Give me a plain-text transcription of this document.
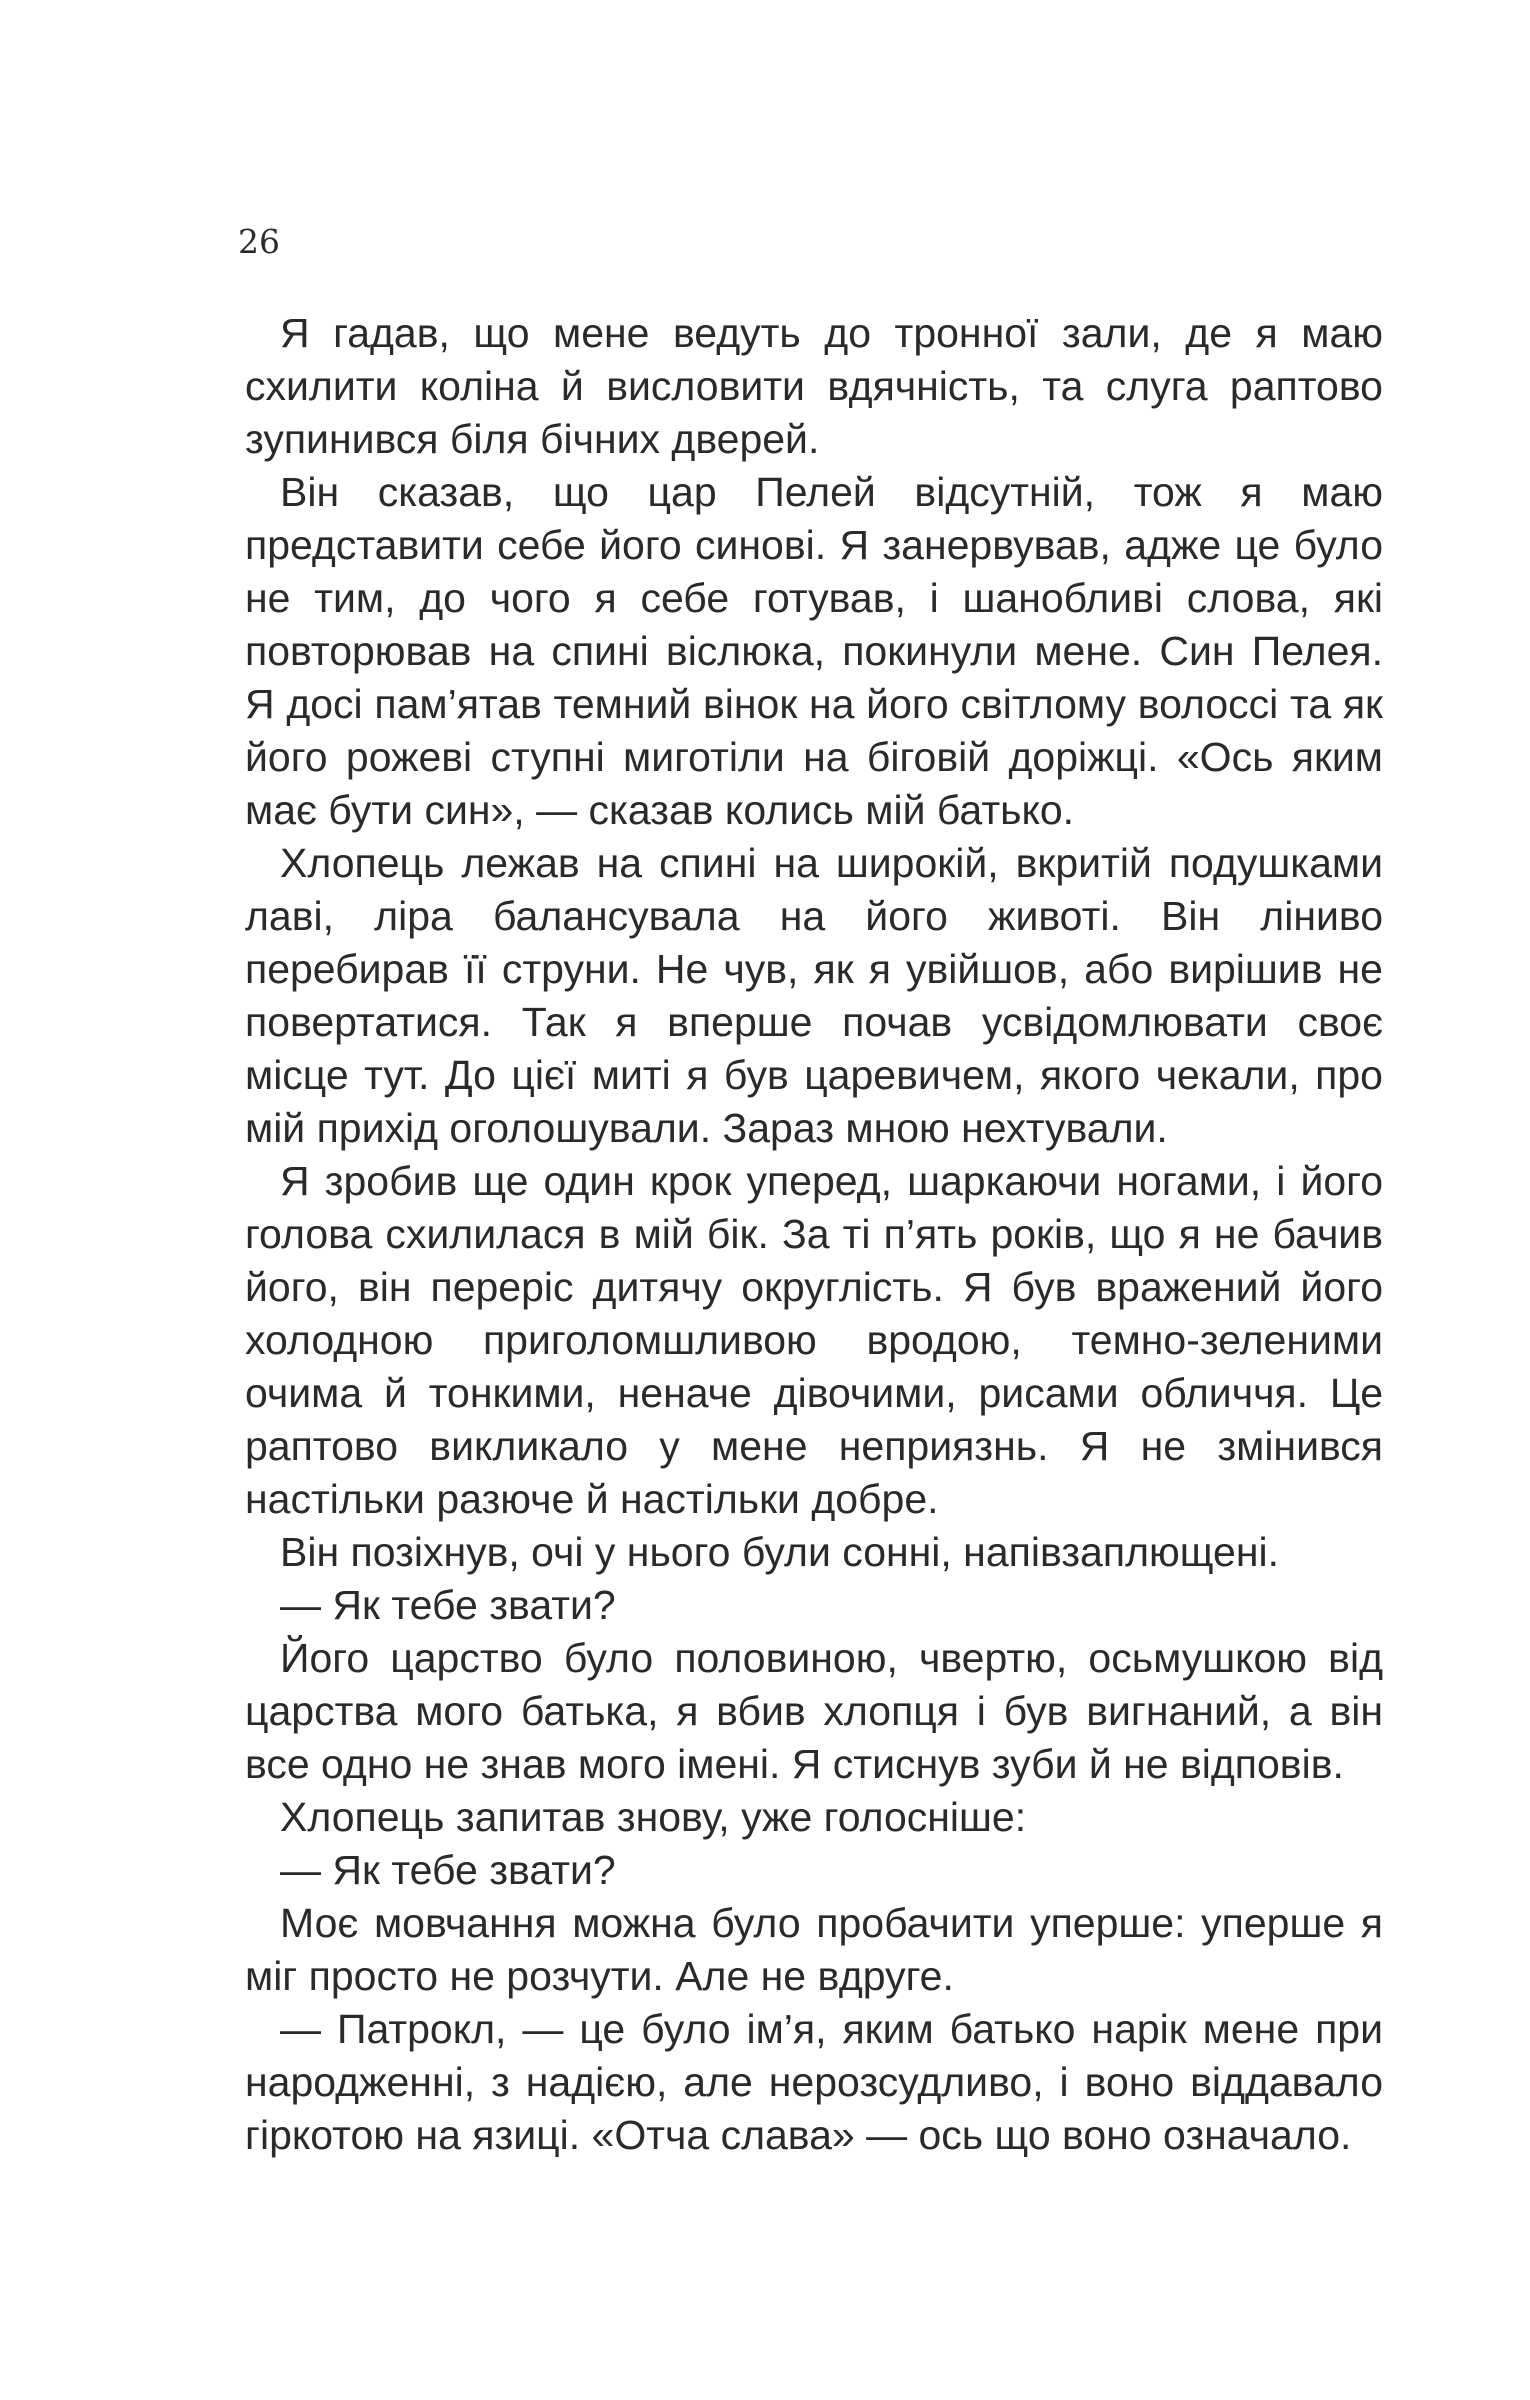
26

Я гадав, що мене ведуть до тронної зали, де я маю схилити коліна й висловити вдячність, та слуга раптово зупинився біля бічних дверей.

Він сказав, що цар Пелей відсутній, тож я маю представити себе його синові. Я занервував, адже це було не тим, до чого я себе готував, і шанобливі слова, які повторював на спині віслюка, покинули мене. Син Пелея. Я досі пам’ятав темний вінок на його світлому волоссі та як його рожеві ступні миготіли на біговій доріжці. «Ось яким має бути син», — сказав колись мій батько.

Хлопець лежав на спині на широкій, вкритій подушками лаві, ліра балансувала на його животі. Він ліниво перебирав її струни. Не чув, як я увійшов, або вирішив не повертатися. Так я вперше почав усвідомлювати своє місце тут. До цієї миті я був царевичем, якого чекали, про мій прихід оголошували. Зараз мною нехтували.

Я зробив ще один крок уперед, шаркаючи ногами, і його голова схилилася в мій бік. За ті п’ять років, що я не бачив його, він переріс дитячу округлість. Я був вражений його холодною приголомшливою вродою, темно-зеленими очима й тонкими, неначе дівочими, рисами обличчя. Це раптово викликало у мене неприязнь. Я не змінився настільки разюче й настільки добре.

Він позіхнув, очі у нього були сонні, напівзаплющені.

— Як тебе звати?

Його царство було половиною, чвертю, осьмушкою від царства мого батька, я вбив хлопця і був вигнаний, а він все одно не знав мого імені. Я стиснув зуби й не відповів.

Хлопець запитав знову, уже голосніше:

— Як тебе звати?

Моє мовчання можна було пробачити уперше: уперше я міг просто не розчути. Але не вдруге.

— Патрокл, — це було ім’я, яким батько нарік мене при народженні, з надією, але нерозсудливо, і воно віддавало гіркотою на язиці. «Отча слава» — ось що воно означало.
